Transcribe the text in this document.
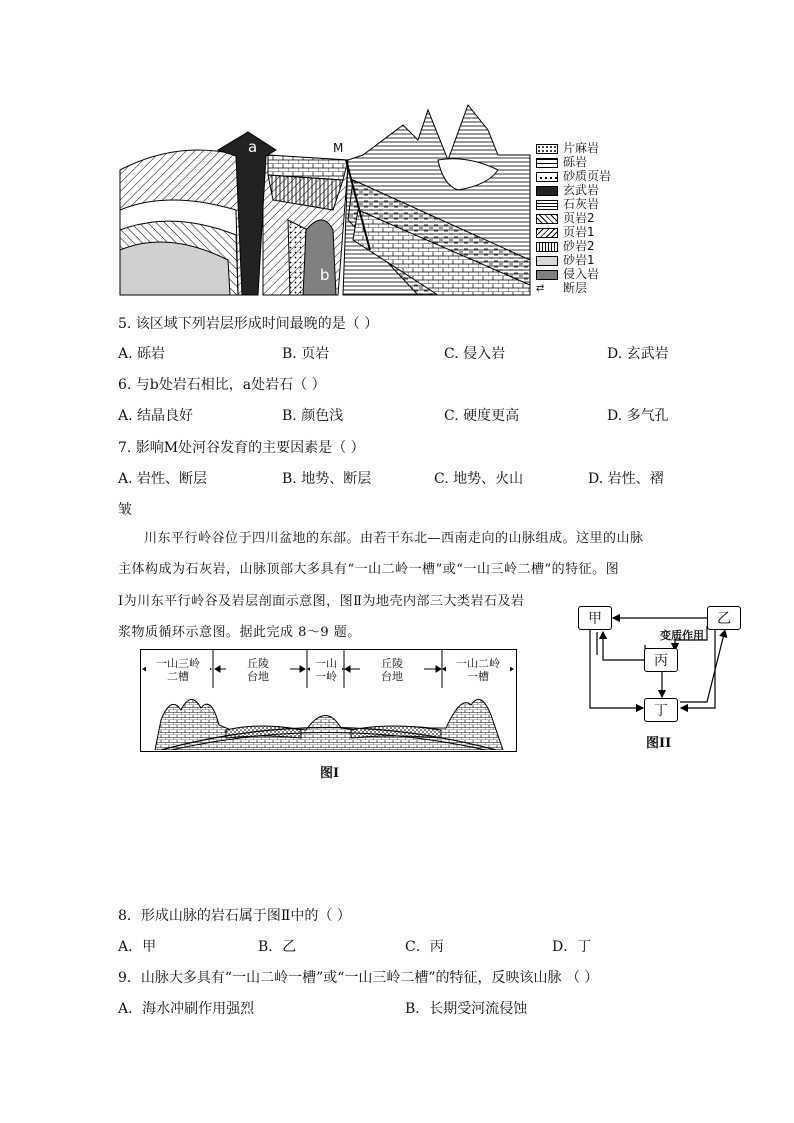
a
b
M	片麻岩
砾岩
砂质页岩
玄武岩
石灰岩
页岩2
页岩1
砂岩2
砂岩1
侵入岩
⇄ 断层
5. 该区域下列岩层形成时间最晚的是（ ）
A. 砾岩	B. 页岩	C. 侵入岩	D. 玄武岩
6. 与b处岩石相比，a处岩石（ ）
A. 结晶良好	B. 颜色浅	C. 硬度更高	D. 多气孔
7. 影响M处河谷发育的主要因素是（ ）
A. 岩性、断层	B. 地势、断层	C. 地势、火山	D. 岩性、褶
皱
川东平行岭谷位于四川盆地的东部。由若干东北—西南走向的山脉组成。这里的山脉
主体构成为石灰岩，山脉顶部大多具有“一山二岭一槽”或“一山三岭二槽”的特征。图
Ⅰ为川东平行岭谷及岩层剖面示意图，图Ⅱ为地壳内部三大类岩石及岩
浆物质循环示意图。据此完成 8～9 题。
一山三岭
二槽
丘陵
台地
一山
一岭
丘陵
台地
一山二岭
一槽
图I
甲	乙
丙
丁
变质作用
图II
8．形成山脉的岩石属于图Ⅱ中的（ ）
A．甲	B．乙	C．丙	D．丁
9．山脉大多具有“一山二岭一槽”或“一山三岭二槽”的特征，反映该山脉 （ ）
A．海水冲刷作用强烈	B．长期受河流侵蚀
